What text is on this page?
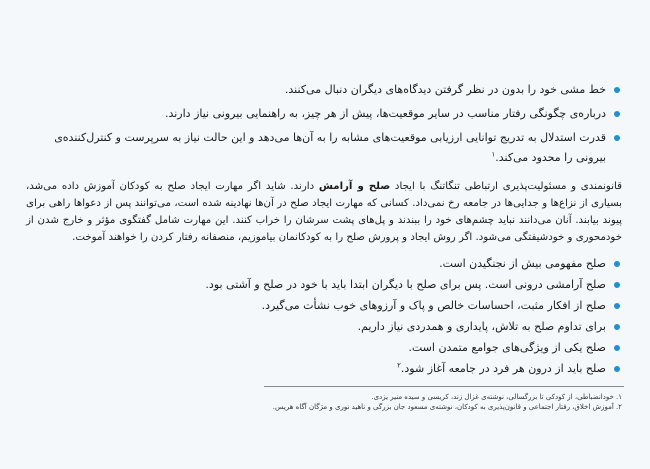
خط مشی خود را بدون در نظر گرفتن دیدگاه‌های دیگران دنبال می‌کنند.
درباره‌ی چگونگی رفتار مناسب در سایر موقعیت‌ها، پیش از هر چیز، به راهنمایی بیرونی نیاز دارند.
قدرت استدلال به تدریج توانایی ارزیابی موقعیت‌های مشابه را به آن‌ها می‌دهد و این حالت نیاز به سرپرست و کنترل‌کننده‌ی بیرونی را محدود می‌کند.$^۱$

قانونمندی و مسئولیت‌پذیری ارتباطی تنگاتنگ با ایجاد صلح و آرامش دارند. شاید اگر مهارت ایجاد صلح به کودکان آموزش داده می‌شد، بسیاری از نزاع‌ها و جدایی‌ها در جامعه رخ نمی‌داد. کسانی که مهارت ایجاد صلح در آن‌ها نهادینه شده است، می‌توانند پس از دعواها راهی برای پیوند بیابند. آنان می‌دانند نباید چشم‌های خود را ببندند و پل‌های پشت سرشان را خراب کنند. این مهارت شامل گفتگوی مؤثر و خارج شدن از خودمحوری و خودشیفتگی می‌شود. اگر روش ایجاد و پرورش صلح را به کودکانمان بیاموزیم، منصفانه رفتار کردن را خواهند آموخت.

صلح مفهومی بیش از نجنگیدن است.
صلح آرامشی درونی است. پس برای صلح با دیگران ابتدا باید با خود در صلح و آشتی بود.
صلح از افکار مثبت، احساسات خالص و پاک و آرزوهای خوب نشأت می‌گیرد.
برای تداوم صلح به تلاش، پایداری و همدردی نیاز داریم.
صلح یکی از ویژگی‌های جوامع متمدن است.
صلح باید از درون هر فرد در جامعه آغاز شود.$^۲$
۱. خودانضباطی، از کودکی تا بزرگسالی، نوشته‌ی غزال زند، کریسی و سیده منیر یزدی.
۲. آموزش اخلاق، رفتار اجتماعی و قانون‌پذیری به کودکان، نوشته‌ی مسعود جان بزرگی و ناهید نوری و مژگان آگاه هریس.
